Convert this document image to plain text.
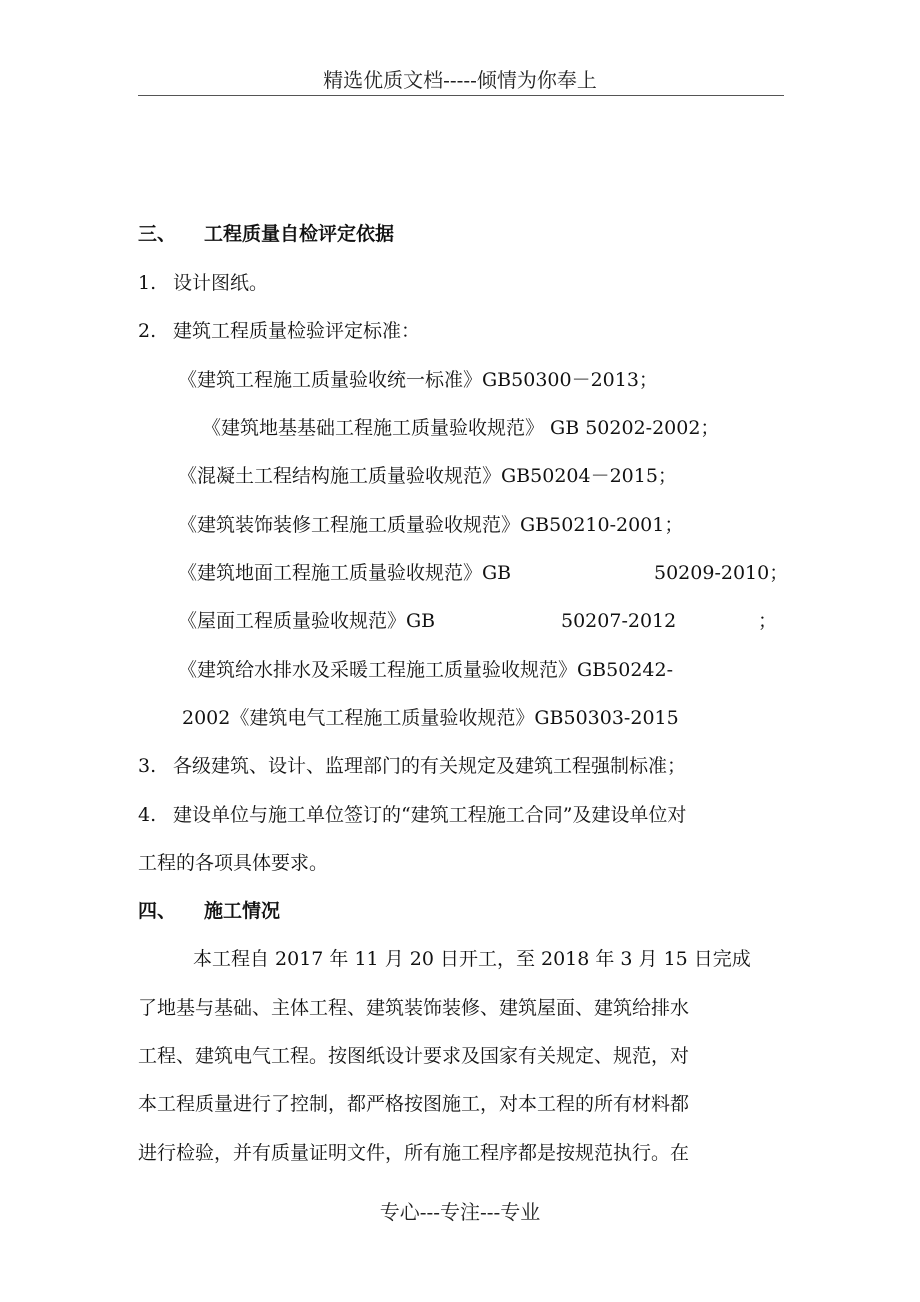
精选优质文档-----倾情为你奉上
三、 工程质量自检评定依据
1. 设计图纸。
2. 建筑工程质量检验评定标准：
《建筑工程施工质量验收统一标准》GB50300－2013；
《建筑地基基础工程施工质量验收规范》 GB 50202-2002；
《混凝土工程结构施工质量验收规范》GB50204－2015；
《建筑装饰装修工程施工质量验收规范》GB50210-2001；
《建筑地面工程施工质量验收规范》GB	50209-2010；
《屋面工程质量验收规范》GB	50207-2012	；
《建筑给水排水及采暖工程施工质量验收规范》GB50242-
2002《建筑电气工程施工质量验收规范》GB50303-2015
3. 各级建筑、设计、监理部门的有关规定及建筑工程强制标准；
4. 建设单位与施工单位签订的“建筑工程施工合同”及建设单位对
工程的各项具体要求。
四、 施工情况
本工程自 2017 年 11 月 20 日开工，至 2018 年 3 月 15 日完成
了地基与基础、主体工程、建筑装饰装修、建筑屋面、建筑给排水
工程、建筑电气工程。按图纸设计要求及国家有关规定、规范，对
本工程质量进行了控制，都严格按图施工，对本工程的所有材料都
进行检验，并有质量证明文件，所有施工程序都是按规范执行。在
专心---专注---专业
